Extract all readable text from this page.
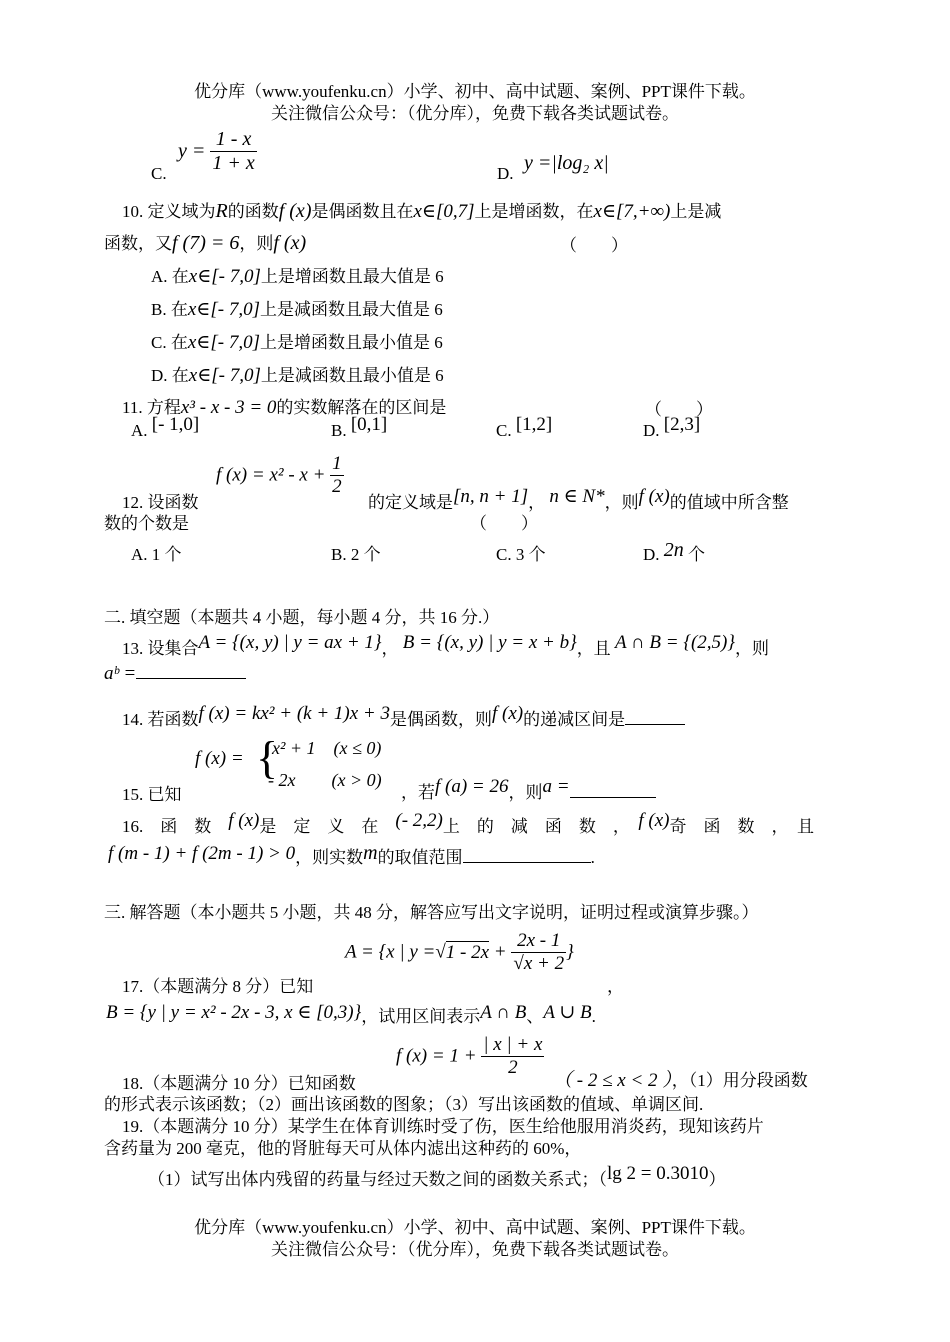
优分库（www.youfenku.cn）小学、初中、高中试题、案例、PPT课件下载。
关注微信公众号：（优分库），免费下载各类试题试卷。
C.
$y = \frac{1 - x}{1 + x}$	D. y =|log₂ x|
10. 定义域为R的函数f (x)是偶函数且在x∈[0,7]上是增函数，在x∈[7,+∞)上是减
函数，又f (7) = 6，则f (x)	（　　）
A. 在x∈[- 7,0]上是增函数且最大值是 6
B. 在x∈[- 7,0]上是减函数且最大值是 6
C. 在x∈[- 7,0]上是增函数且最小值是 6
D. 在x∈[- 7,0]上是减函数且最小值是 6
11. 方程x³ - x - 3 = 0的实数解落在的区间是	（　　）
A. [- 1,0]	B. [0,1]	C. [1,2]	D. [2,3]
12. 设函数
f $(x) = x^2 - x + \frac{1}{2}$
的定义域是[n, n + 1]， n ∈ N*，则f (x)的值域中所含整
数的个数是	（　　）
A. 1 个	B. 2 个	C. 3 个	D. 2n 个
二. 填空题（本题共 4 小题，每小题 4 分，共 16 分.）
13. 设集合A = {(x, y) | y = ax + 1}， B = {(x, y) | y = x + b}，且 A ∩ B = {(2,5)}，则
aᵇ =
14. 若函数f (x) = kx² + (k + 1)x + 3是偶函数，则f (x)的递减区间是
15. 已知
f (x) = {
x² + 1　(x ≤ 0)
- 2x　　(x > 0)
，若f (a) = 26，则a =
16.　函　数　 f (x)是　定　义　在　 (- 2,2)上　的　减　函　数　，　 f (x)奇　函　数　，　且
f (m - 1) + f (2m - 1) > 0，则实数m的取值范围	.
三. 解答题（本小题共 5 小题，共 48 分，解答应写出文字说明，证明过程或演算步骤。）
A = {x | $y =√1 - 2x + \frac{2x - 1}{√x + 2}$ }
17.（本题满分 8 分）已知	，
B = {y | y = x² - 2x - 3, x ∈ [0,3)}，试用区间表示A ∩ B、A ∪ B.
f $(x) = 1 + \frac{| x | + x}{2}$
18.（本题满分 10 分）已知函数	（ - 2 ≤ x < 2 ），（1）用分段函数
的形式表示该函数；（2）画出该函数的图象；（3）写出该函数的值域、单调区间.
19.（本题满分 10 分）某学生在体育训练时受了伤，医生给他服用消炎药，现知该药片
含药量为 200 毫克，他的肾脏每天可从体内滤出这种药的 60%，
（1）试写出体内残留的药量与经过天数之间的函数关系式；（lg 2 = 0.3010）
优分库（www.youfenku.cn）小学、初中、高中试题、案例、PPT课件下载。
关注微信公众号：（优分库），免费下载各类试题试卷。
